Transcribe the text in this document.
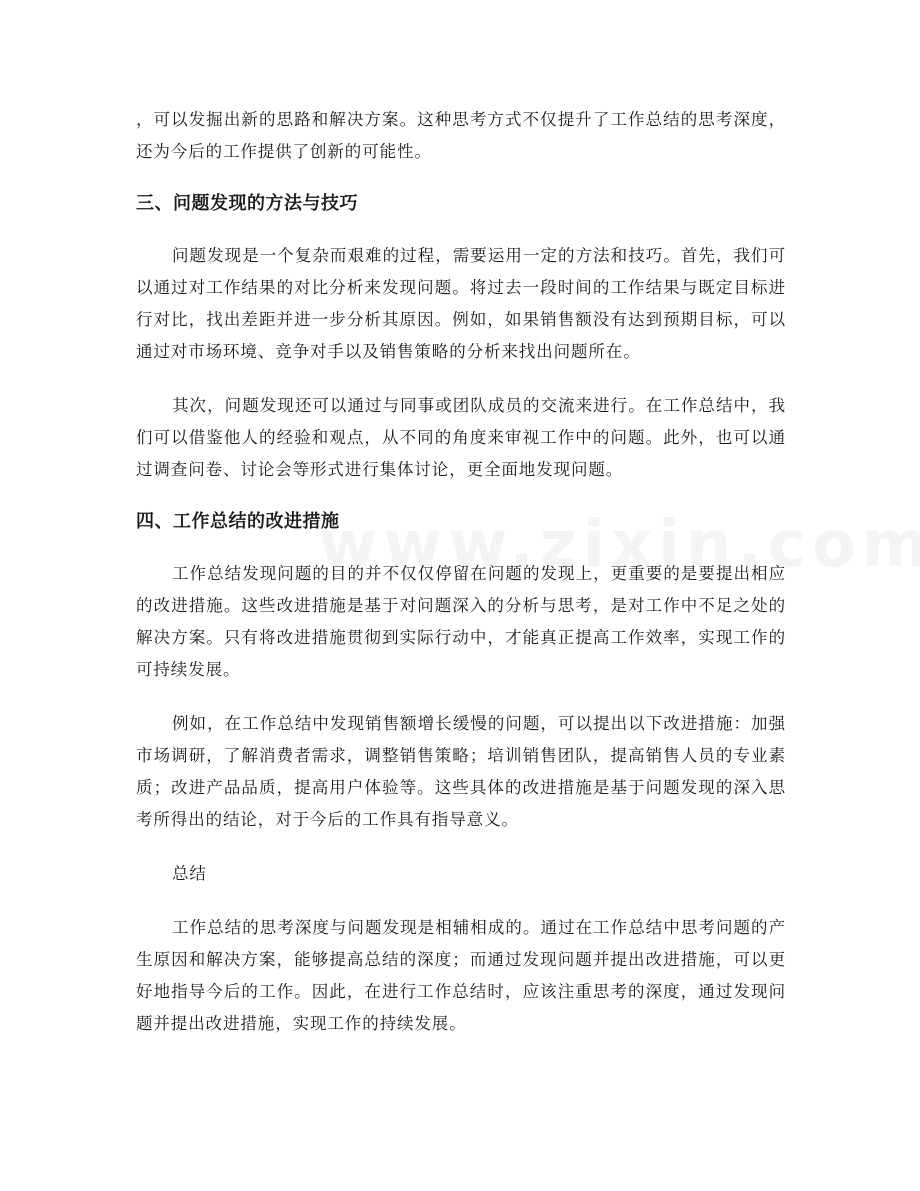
，可以发掘出新的思路和解决方案。这种思考方式不仅提升了工作总结的思考深度，还为今后的工作提供了创新的可能性。

三、问题发现的方法与技巧

问题发现是一个复杂而艰难的过程，需要运用一定的方法和技巧。首先，我们可以通过对工作结果的对比分析来发现问题。将过去一段时间的工作结果与既定目标进行对比，找出差距并进一步分析其原因。例如，如果销售额没有达到预期目标，可以通过对市场环境、竞争对手以及销售策略的分析来找出问题所在。

其次，问题发现还可以通过与同事或团队成员的交流来进行。在工作总结中，我们可以借鉴他人的经验和观点，从不同的角度来审视工作中的问题。此外，也可以通过调查问卷、讨论会等形式进行集体讨论，更全面地发现问题。

四、工作总结的改进措施

工作总结发现问题的目的并不仅仅停留在问题的发现上，更重要的是要提出相应的改进措施。这些改进措施是基于对问题深入的分析与思考，是对工作中不足之处的解决方案。只有将改进措施贯彻到实际行动中，才能真正提高工作效率，实现工作的可持续发展。

例如，在工作总结中发现销售额增长缓慢的问题，可以提出以下改进措施：加强市场调研，了解消费者需求，调整销售策略；培训销售团队，提高销售人员的专业素质；改进产品品质，提高用户体验等。这些具体的改进措施是基于问题发现的深入思考所得出的结论，对于今后的工作具有指导意义。

总结

工作总结的思考深度与问题发现是相辅相成的。通过在工作总结中思考问题的产生原因和解决方案，能够提高总结的深度；而通过发现问题并提出改进措施，可以更好地指导今后的工作。因此，在进行工作总结时，应该注重思考的深度，通过发现问题并提出改进措施，实现工作的持续发展。
